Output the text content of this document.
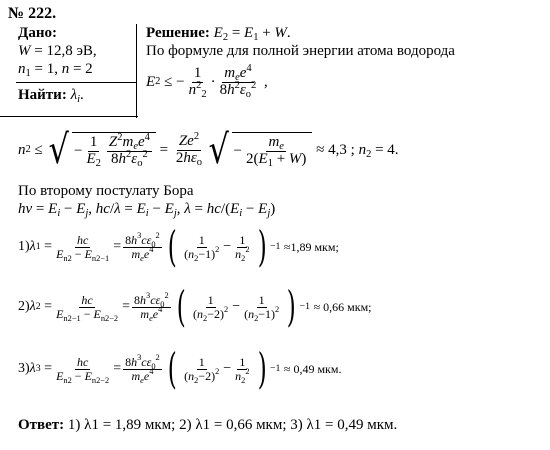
№ 222.
Дано:
W = 12,8 эВ,
$n_1 = 1$, n = 2
Найти: $\lambda_i$.
Решение: $E_2 = E_1 + W$.
По формуле для полной энергии атома водорода
E 2 ≤ − $\frac{1}{n^2_2} \cdot \frac{m_ee^4}{8h^2\varepsilon_o^2}$ ,
n 2 ≤ √ − $\frac{1}{E_2} \frac{Z^2m_ee^4}{8h^2\varepsilon_o^2} = \frac{Ze^2}{2h\varepsilon_o}$ √ − $\frac{m_e}{2(E_1 + W)}$
≈ 4,3 ; $n_2 = 4$.
По второму постулату Бора
$h\nu = E_i - E_j$, $hc/\lambda = E_i - E_j$, $\lambda = hc/(E_i - E_j)$
1) λ $1 = \frac{hc}{E_{n2} - E_{n2-1}} = \frac{8h^3c\varepsilon_0^2}{m_ee^4}$ ( $\frac{1}{(n_2-1)^2} - \frac{1}{n_2^2}$ ) −1
≈1,89 мкм;
2) λ $2 = \frac{hc}{E_{n2-1} - E_{n2-2}} = \frac{8h^3c\varepsilon_0^2}{m_ee^4}$ ( $\frac{1}{(n_2-2)^2} - \frac{1}{(n_2-1)^2}$ ) −1
≈ 0,66 мкм;
3) λ $3 = \frac{hc}{E_{n2} - E_{n2-2}} = \frac{8h^3c\varepsilon_0^2}{m_ee^4}$ ( $\frac{1}{(n_2-2)^2} - \frac{1}{n_2^2}$ ) −1
≈ 0,49 мкм.
Ответ: 1) λ1 = 1,89 мкм; 2) λ1 = 0,66 мкм; 3) λ1 = 0,49 мкм.
